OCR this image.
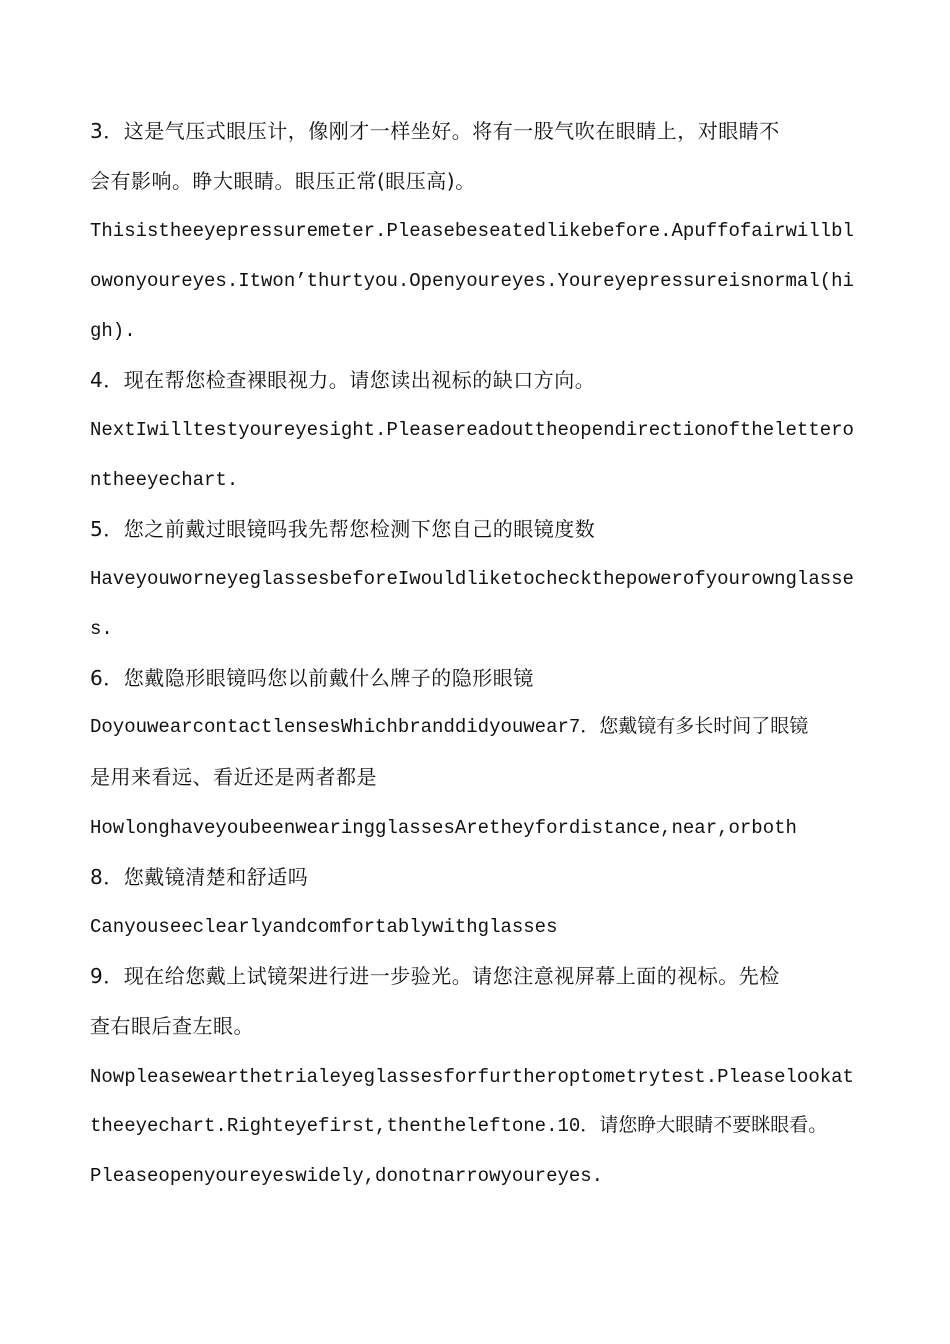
3．这是气压式眼压计，像刚才一样坐好。将有一股气吹在眼睛上，对眼睛不
会有影响。睁大眼睛。眼压正常(眼压高)。
Thisistheeyepressuremeter.Pleasebeseatedlikebefore.Apuffofairwillbl
owonyoureyes.Itwon’thurtyou.Openyoureyes.Youreyepressureisnormal(hi
gh).
4．现在帮您检查裸眼视力。请您读出视标的缺口方向。
NextIwilltestyoureyesight.Pleasereadouttheopendirectionofthelettero
ntheeyechart.
5．您之前戴过眼镜吗我先帮您检测下您自己的眼镜度数
HaveyouworneyeglassesbeforeIwouldliketocheckthepowerofyourownglasse
s.
6．您戴隐形眼镜吗您以前戴什么牌子的隐形眼镜
DoyouwearcontactlensesWhichbranddidyouwear7．您戴镜有多长时间了眼镜
是用来看远、看近还是两者都是
HowlonghaveyoubeenwearingglassesAretheyfordistance,near,orboth
8．您戴镜清楚和舒适吗
Canyouseeclearlyandcomfortablywithglasses
9．现在给您戴上试镜架进行进一步验光。请您注意视屏幕上面的视标。先检
查右眼后查左眼。
Nowpleasewearthetrialeyeglassesforfurtheroptometrytest.Pleaselookat
theeyechart.Righteyefirst,thentheleftone.10．请您睁大眼睛不要眯眼看。
Pleaseopenyoureyeswidely,donotnarrowyoureyes.
